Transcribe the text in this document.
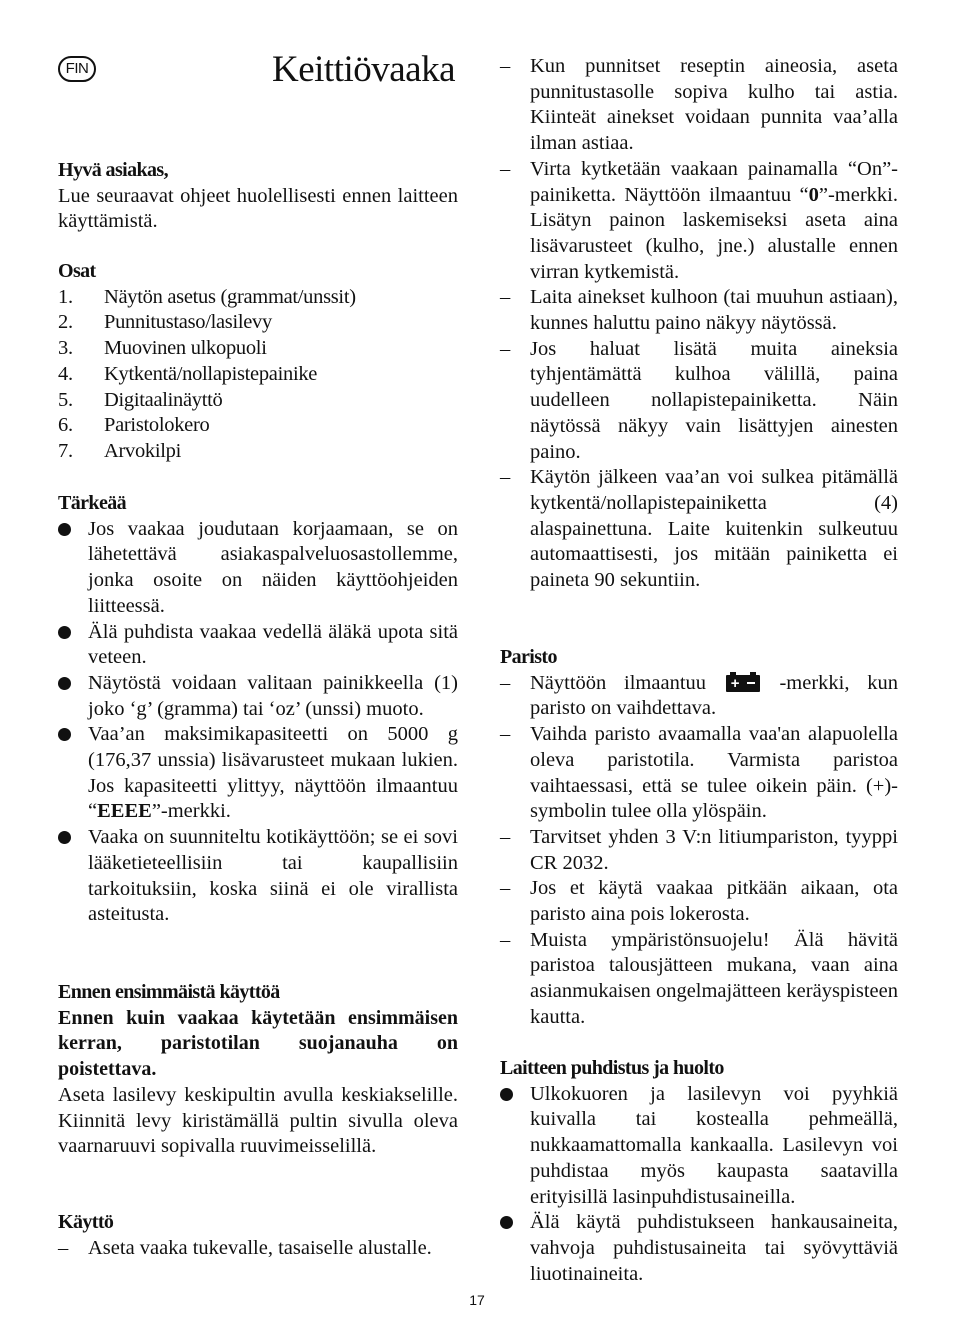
FIN	Keittiövaaka

Hyvä asiakas,

Lue seuraavat ohjeet huolellisesti ennen laitteen käyttämistä.

Osat

1. Näytön asetus (grammat/unssit)
2. Punnitustaso/lasilevy
3. Muovinen ulkopuoli
4. Kytkentä/nollapistepainike
5. Digitaalinäyttö
6. Paristolokero
7. Arvokilpi

Tärkeää

Jos vaakaa joudutaan korjaamaan, se on lähetettävä asiakaspalveluosastollemme, jonka osoite on näiden käyttöohjeiden liitteessä.
Älä puhdista vaakaa vedellä äläkä upota sitä veteen.
Näytöstä voidaan valitaan painikkeella (1) joko ‘g’ (gramma) tai ‘oz’ (unssi) muoto.
Vaa’an maksimikapasiteetti on 5000 g (176,37 unssia) lisävarusteet mukaan lukien. Jos kapasiteetti ylittyy, näyttöön ilmaantuu “EEEE”-merkki.
Vaaka on suunniteltu kotikäyttöön; se ei sovi lääketieteellisiin tai kaupallisiin tarkoituksiin, koska siinä ei ole virallista asteitusta.

Ennen ensimmäistä käyttöä

Ennen kuin vaakaa käytetään ensimmäisen kerran, paristotilan suojanauha on poistettava.

Aseta lasilevy keskipultin avulla keskiakselille. Kiinnitä levy kiristämällä pultin sivulla oleva vaarnaruuvi sopivalla ruuvimeisselillä.

Käyttö

– Aseta vaaka tukevalle, tasaiselle alustalle.
– Kun punnitset reseptin aineosia, aseta punnitustasolle sopiva kulho tai astia. Kiinteät ainekset voidaan punnita vaa’alla ilman astiaa.
– Virta kytketään vaakaan painamalla “On”-painiketta. Näyttöön ilmaantuu “0”-merkki. Lisätyn painon laskemiseksi aseta aina lisävarusteet (kulho, jne.) alustalle ennen virran kytkemistä.
– Laita ainekset kulhoon (tai muuhun astiaan), kunnes haluttu paino näkyy näytössä.
– Jos haluat lisätä muita aineksia tyhjentämättä kulhoa välillä, paina uudelleen nollapistepainiketta. Näin näytössä näkyy vain lisättyjen ainesten paino.
– Käytön jälkeen vaa’an voi sulkea pitämällä kytkentä/nollapistepainiketta (4) alaspainettuna. Laite kuitenkin sulkeutuu automaattisesti, jos mitään painiketta ei paineta 90 sekuntiin.

Paristo

– Näyttöön ilmaantuu + -merkki, kun paristo on vaihdettava.
– Vaihda paristo avaamalla vaa'an alapuolella oleva paristotila. Varmista paristoa vaihtaessasi, että se tulee oikein päin. (+)-symbolin tulee olla ylöspäin.
– Tarvitset yhden 3 V:n litiumpariston, tyyppi CR 2032.
– Jos et käytä vaakaa pitkään aikaan, ota paristo aina pois lokerosta.
– Muista ympäristönsuojelu! Älä hävitä paristoa talousjätteen mukana, vaan aina asianmukaisen ongelmajätteen keräyspisteen kautta.

Laitteen puhdistus ja huolto

Ulkokuoren ja lasilevyn voi pyyhkiä kuivalla tai kostealla pehmeällä, nukkaamattomalla kankaalla. Lasilevyn voi puhdistaa myös kaupasta saatavilla erityisillä lasinpuhdistusaineilla.
Älä käytä puhdistukseen hankausaineita, vahvoja puhdistusaineita tai syövyttäviä liuotinaineita.
17
